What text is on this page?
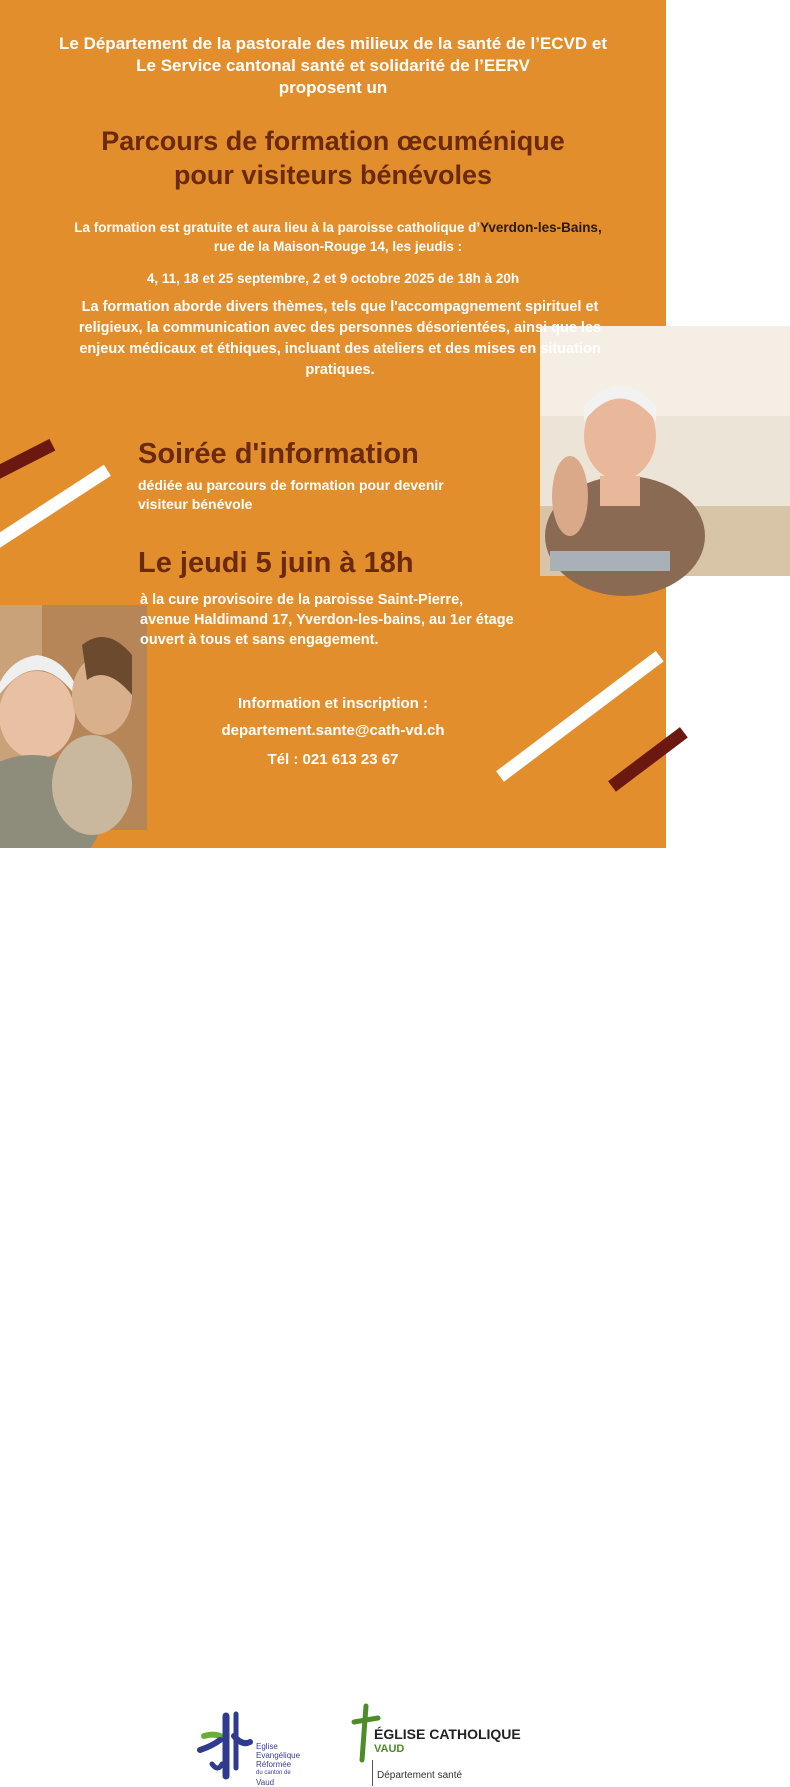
Le Département de la pastorale des milieux de la santé de l’ECVD et
Le Service cantonal santé et solidarité de l’EERV
proposent un
Parcours de formation œcuménique
pour visiteurs bénévoles
La formation est gratuite et aura lieu à la paroisse catholique d’Yverdon-les-Bains,
rue de la Maison-Rouge 14, les jeudis :
4, 11, 18 et 25 septembre, 2 et 9 octobre 2025 de 18h à 20h
La formation aborde divers thèmes, tels que l'accompagnement spirituel et religieux, la communication avec des personnes désorientées, ainsi que les enjeux médicaux et éthiques, incluant des ateliers et des mises en situation pratiques.
Soirée d'information
dédiée au parcours de formation pour devenir
visiteur bénévole
Le jeudi 5 juin à 18h
à la cure provisoire de la paroisse Saint-Pierre,
avenue Haldimand 17, Yverdon-les-bains, au 1er étage
ouvert à tous et sans engagement.
Information et inscription :
departement.sante@cath-vd.ch
Tél : 021 613 23 67
Eglise
Evangélique
Réformée
du canton de
Vaud
ÉGLISE CATHOLIQUE
VAUD
Département santé
